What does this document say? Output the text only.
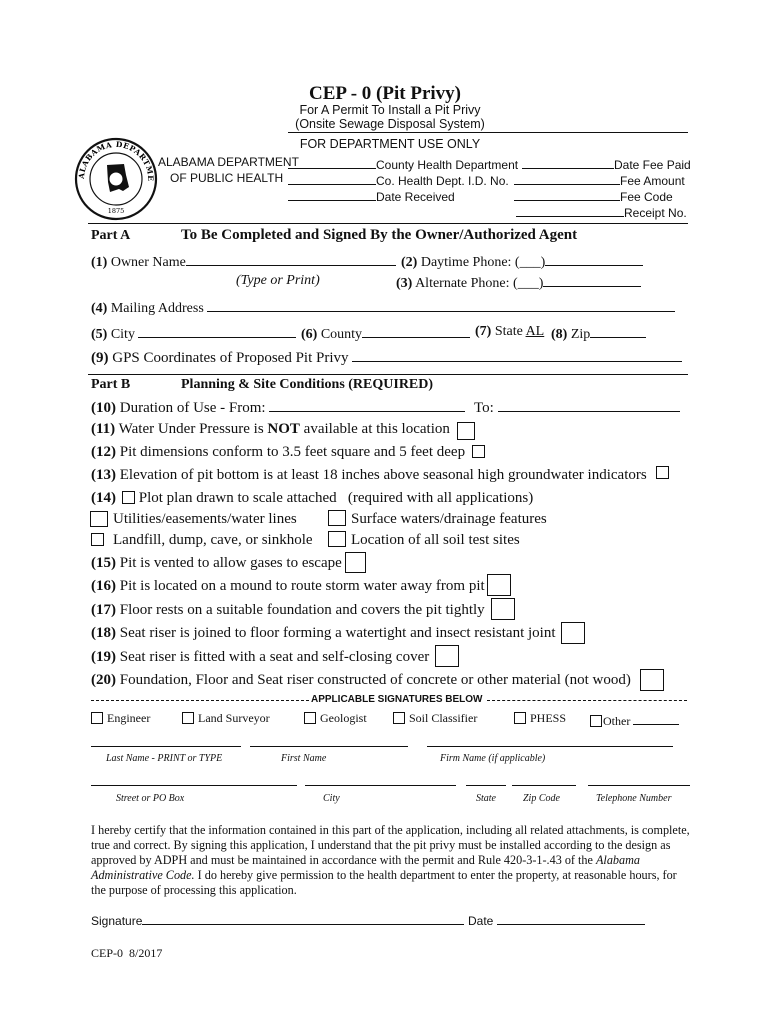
CEP - 0 (Pit Privy)
For A Permit To Install a Pit Privy
(Onsite Sewage Disposal System)
FOR DEPARTMENT USE ONLY
ALABAMA DEPARTME
1875
ALABAMA DEPARTMENT
OF PUBLIC HEALTH
County Health Department
Co. Health Dept. I.D. No.
Date Received
Date Fee Paid
Fee Amount
Fee Code
Receipt No.
Part A	To Be Completed and Signed By the Owner/Authorized Agent
(1) Owner Name	(2) Daytime Phone: (___)
(Type or Print)	(3) Alternate Phone: (___)
(4) Mailing Address
(5) City	(6) County	(7) State AL (8) Zip
(9) GPS Coordinates of Proposed Pit Privy
Part B	Planning & Site Conditions (REQUIRED)
(10) Duration of Use - From:	To:
(11) Water Under Pressure is NOT available at this location
(12) Pit dimensions conform to 3.5 feet square and 5 feet deep
(13) Elevation of pit bottom is at least 18 inches above seasonal high groundwater indicators
(14) Plot plan drawn to scale attached (required with all applications)
Utilities/easements/water lines	Surface waters/drainage features
Landfill, dump, cave, or sinkhole	Location of all soil test sites
(15) Pit is vented to allow gases to escape
(16) Pit is located on a mound to route storm water away from pit
(17) Floor rests on a suitable foundation and covers the pit tightly
(18) Seat riser is joined to floor forming a watertight and insect resistant joint
(19) Seat riser is fitted with a seat and self-closing cover
(20) Foundation, Floor and Seat riser constructed of concrete or other material (not wood)
APPLICABLE SIGNATURES BELOW
Engineer	Land Surveyor	Geologist	Soil Classifier	PHESS	Other
Last Name - PRINT or TYPE	First Name	Firm Name (if applicable)
Street or PO Box	City	State	Zip Code	Telephone Number
I hereby certify that the information contained in this part of the application, including all related attachments, is complete, true and correct. By signing this application, I understand that the pit privy must be installed according to the design as approved by ADPH and must be maintained in accordance with the permit and Rule 420-3-1-.43 of the Alabama Administrative Code. I do hereby give permission to the health department to enter the property, at reasonable hours, for the purpose of processing this application.
Signature	Date
CEP-0  8/2017
